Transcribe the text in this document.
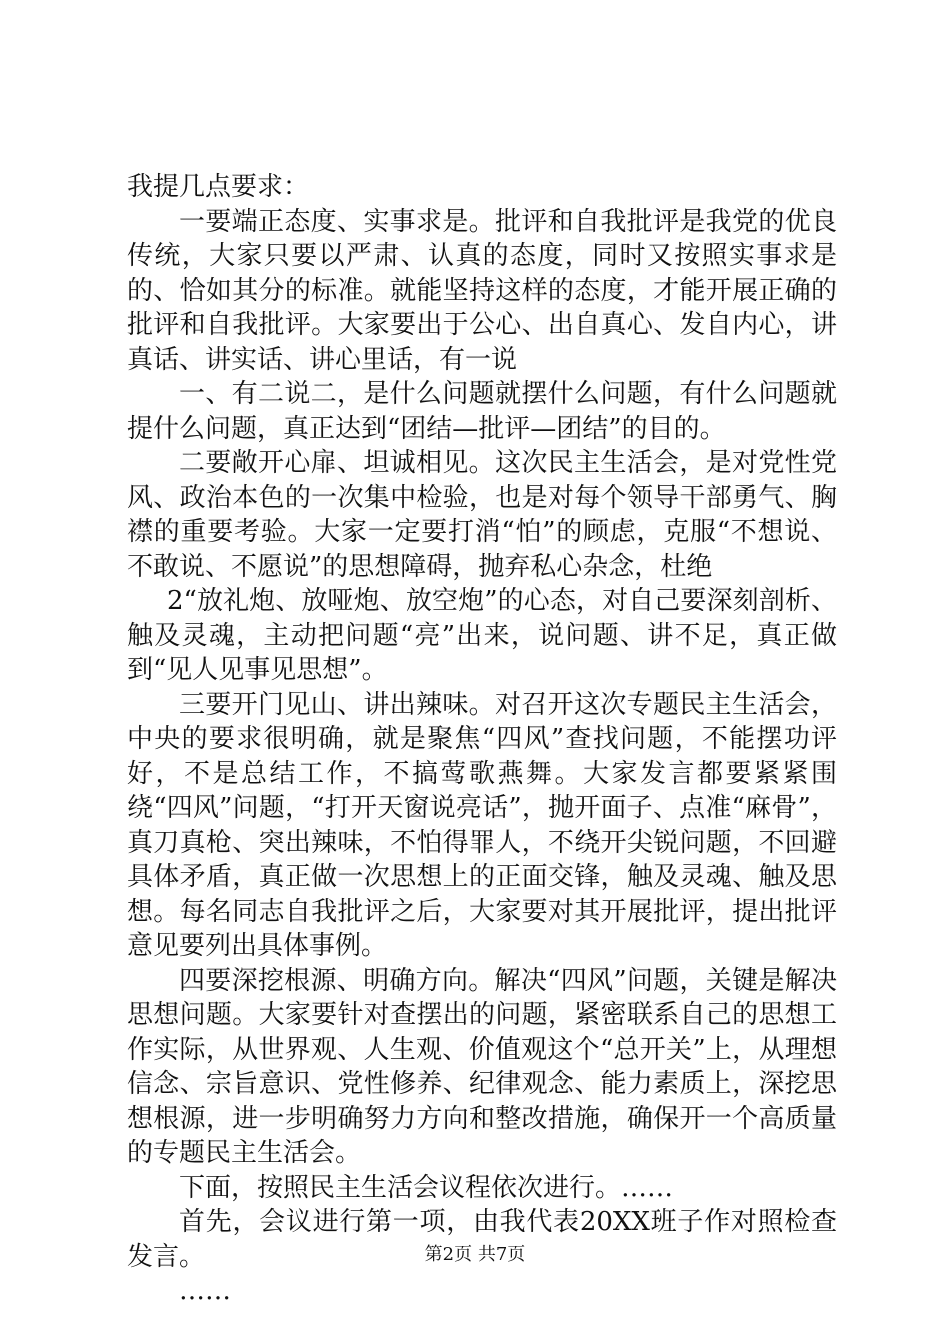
我提几点要求：

一要端正态度、实事求是。批评和自我批评是我党的优良传统，大家只要以严肃、认真的态度，同时又按照实事求是的、恰如其分的标准。就能坚持这样的态度，才能开展正确的批评和自我批评。大家要出于公心、出自真心、发自内心，讲真话、讲实话、讲心里话，有一说

一、有二说二，是什么问题就摆什么问题，有什么问题就提什么问题，真正达到“团结—批评—团结”的目的。

二要敞开心扉、坦诚相见。这次民主生活会，是对党性党风、政治本色的一次集中检验，也是对每个领导干部勇气、胸襟的重要考验。大家一定要打消“怕”的顾虑，克服“不想说、不敢说、不愿说”的思想障碍，抛弃私心杂念，杜绝

2“放礼炮、放哑炮、放空炮”的心态，对自己要深刻剖析、触及灵魂，主动把问题“亮”出来，说问题、讲不足，真正做到“见人见事见思想”。

三要开门见山、讲出辣味。对召开这次专题民主生活会，中央的要求很明确，就是聚焦“四风”查找问题，不能摆功评好，不是总结工作，不搞莺歌燕舞。大家发言都要紧紧围绕“四风”问题，“打开天窗说亮话”，抛开面子、点准“麻骨”，真刀真枪、突出辣味，不怕得罪人，不绕开尖锐问题，不回避具体矛盾，真正做一次思想上的正面交锋，触及灵魂、触及思想。每名同志自我批评之后，大家要对其开展批评，提出批评意见要列出具体事例。

四要深挖根源、明确方向。解决“四风”问题，关键是解决思想问题。大家要针对查摆出的问题，紧密联系自己的思想工作实际，从世界观、人生观、价值观这个“总开关”上，从理想信念、宗旨意识、党性修养、纪律观念、能力素质上，深挖思想根源，进一步明确努力方向和整改措施，确保开一个高质量的专题民主生活会。

下面，按照民主生活会议程依次进行。……

首先，会议进行第一项，由我代表20XX班子作对照检查发言。

……

第2页 共7页
